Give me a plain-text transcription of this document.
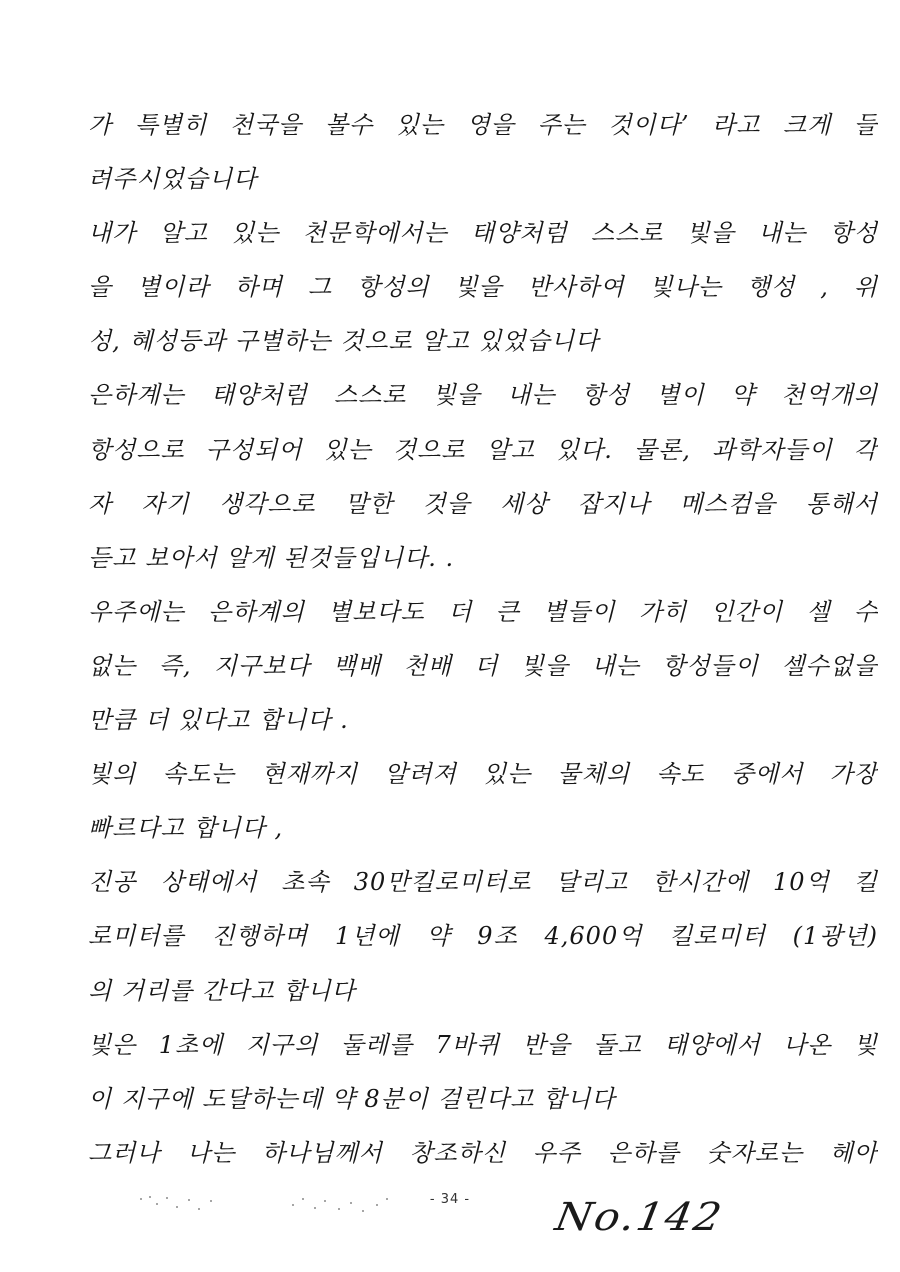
가 특별히 천국을 볼수 있는 영을 주는 것이다’ 라고 크게 들
려주시었습니다
내가 알고 있는 천문학에서는 태양처럼 스스로 빛을 내는 항성
을 별이라 하며 그 항성의 빛을 반사하여 빛나는 행성 , 위
성, 혜성등과 구별하는 것으로 알고 있었습니다
은하계는 태양처럼 스스로 빛을 내는 항성 별이 약 천억개의
항성으로 구성되어 있는 것으로 알고 있다. 물론, 과학자들이 각
자 자기 생각으로 말한 것을 세상 잡지나 메스컴을 통해서
듣고 보아서 알게 된것들입니다. .
우주에는 은하계의 별보다도 더 큰 별들이 가히 인간이 셀 수
없는 즉, 지구보다 백배 천배 더 빛을 내는 항성들이 셀수없을
만큼 더 있다고 합니다 .
빛의 속도는 현재까지 알려져 있는 물체의 속도 중에서 가장
빠르다고 합니다 ,
진공 상태에서 초속 30만킬로미터로 달리고 한시간에 10억 킬
로미터를 진행하며 1년에 약 9조 4,600억 킬로미터 (1광년)
의 거리를 간다고 합니다
빛은 1초에 지구의 둘레를 7바퀴 반을 돌고 태양에서 나온 빛
이 지구에 도달하는데 약 8분이 걸린다고 합니다
그러나 나는 하나님께서 창조하신 우주 은하를 숫자로는 헤아
- 34 -	No.142
